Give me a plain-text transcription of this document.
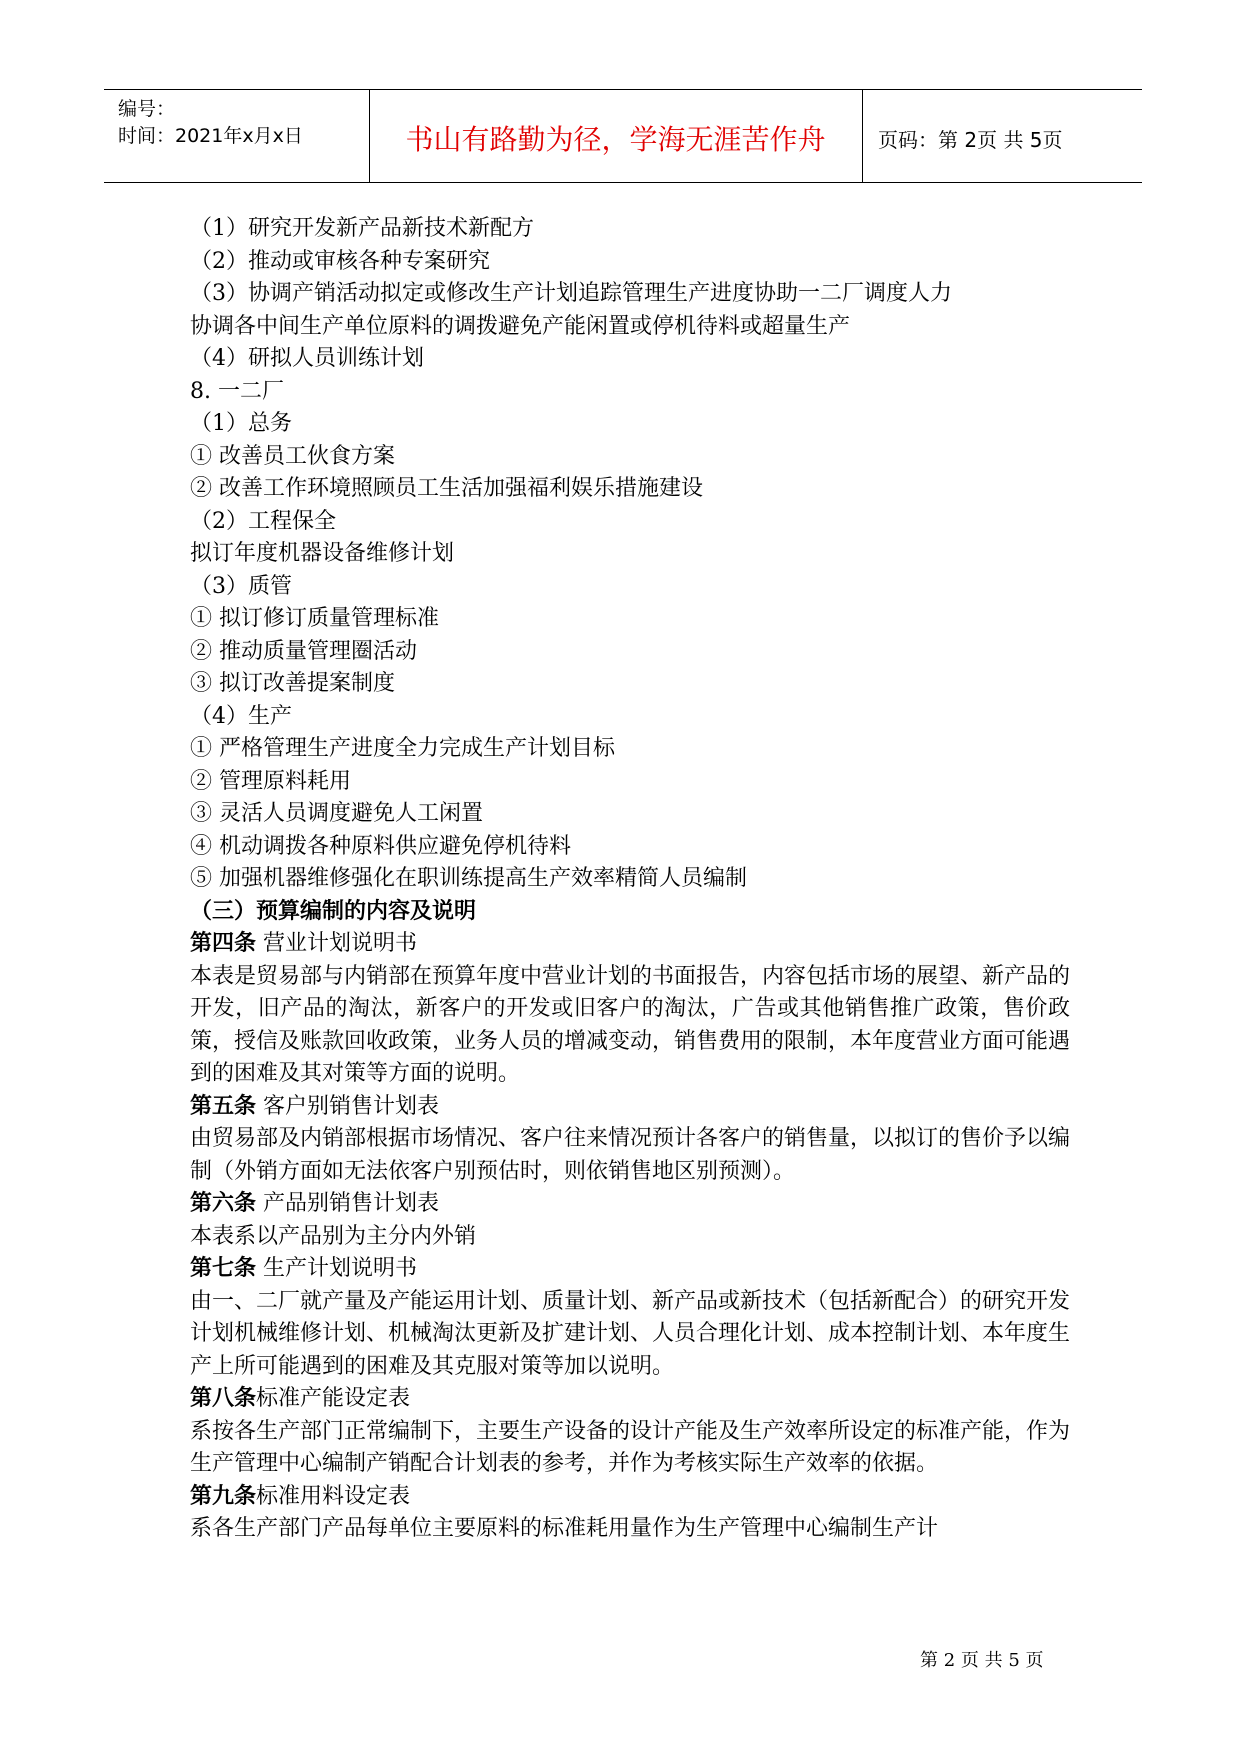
编号：
时间：2021年x月x日	书山有路勤为径，学海无涯苦作舟	页码：第 2页 共 5页
（1）研究开发新产品新技术新配方
（2）推动或审核各种专案研究
（3）协调产销活动拟定或修改生产计划追踪管理生产进度协助一二厂调度人力
协调各中间生产单位原料的调拨避免产能闲置或停机待料或超量生产
（4）研拟人员训练计划
8. 一二厂
（1）总务
① 改善员工伙食方案
② 改善工作环境照顾员工生活加强福利娱乐措施建设
（2）工程保全
拟订年度机器设备维修计划
（3）质管
① 拟订修订质量管理标准
② 推动质量管理圈活动
③ 拟订改善提案制度
（4）生产
① 严格管理生产进度全力完成生产计划目标
② 管理原料耗用
③ 灵活人员调度避免人工闲置
④ 机动调拨各种原料供应避免停机待料
⑤ 加强机器维修强化在职训练提高生产效率精简人员编制
（三）预算编制的内容及说明
第四条 营业计划说明书
本表是贸易部与内销部在预算年度中营业计划的书面报告，内容包括市场的展望、新产品的开发，旧产品的淘汰，新客户的开发或旧客户的淘汰，广告或其他销售推广政策，售价政策，授信及账款回收政策，业务人员的增减变动，销售费用的限制，本年度营业方面可能遇到的困难及其对策等方面的说明。
第五条 客户别销售计划表
由贸易部及内销部根据市场情况、客户往来情况预计各客户的销售量，以拟订的售价予以编制（外销方面如无法依客户别预估时，则依销售地区别预测）。
第六条 产品别销售计划表
本表系以产品别为主分内外销
第七条 生产计划说明书
由一、二厂就产量及产能运用计划、质量计划、新产品或新技术（包括新配合）的研究开发计划机械维修计划、机械淘汰更新及扩建计划、人员合理化计划、成本控制计划、本年度生产上所可能遇到的困难及其克服对策等加以说明。
第八条标准产能设定表
系按各生产部门正常编制下，主要生产设备的设计产能及生产效率所设定的标准产能，作为生产管理中心编制产销配合计划表的参考，并作为考核实际生产效率的依据。
第九条标准用料设定表
系各生产部门产品每单位主要原料的标准耗用量作为生产管理中心编制生产计
第 2 页 共 5 页
